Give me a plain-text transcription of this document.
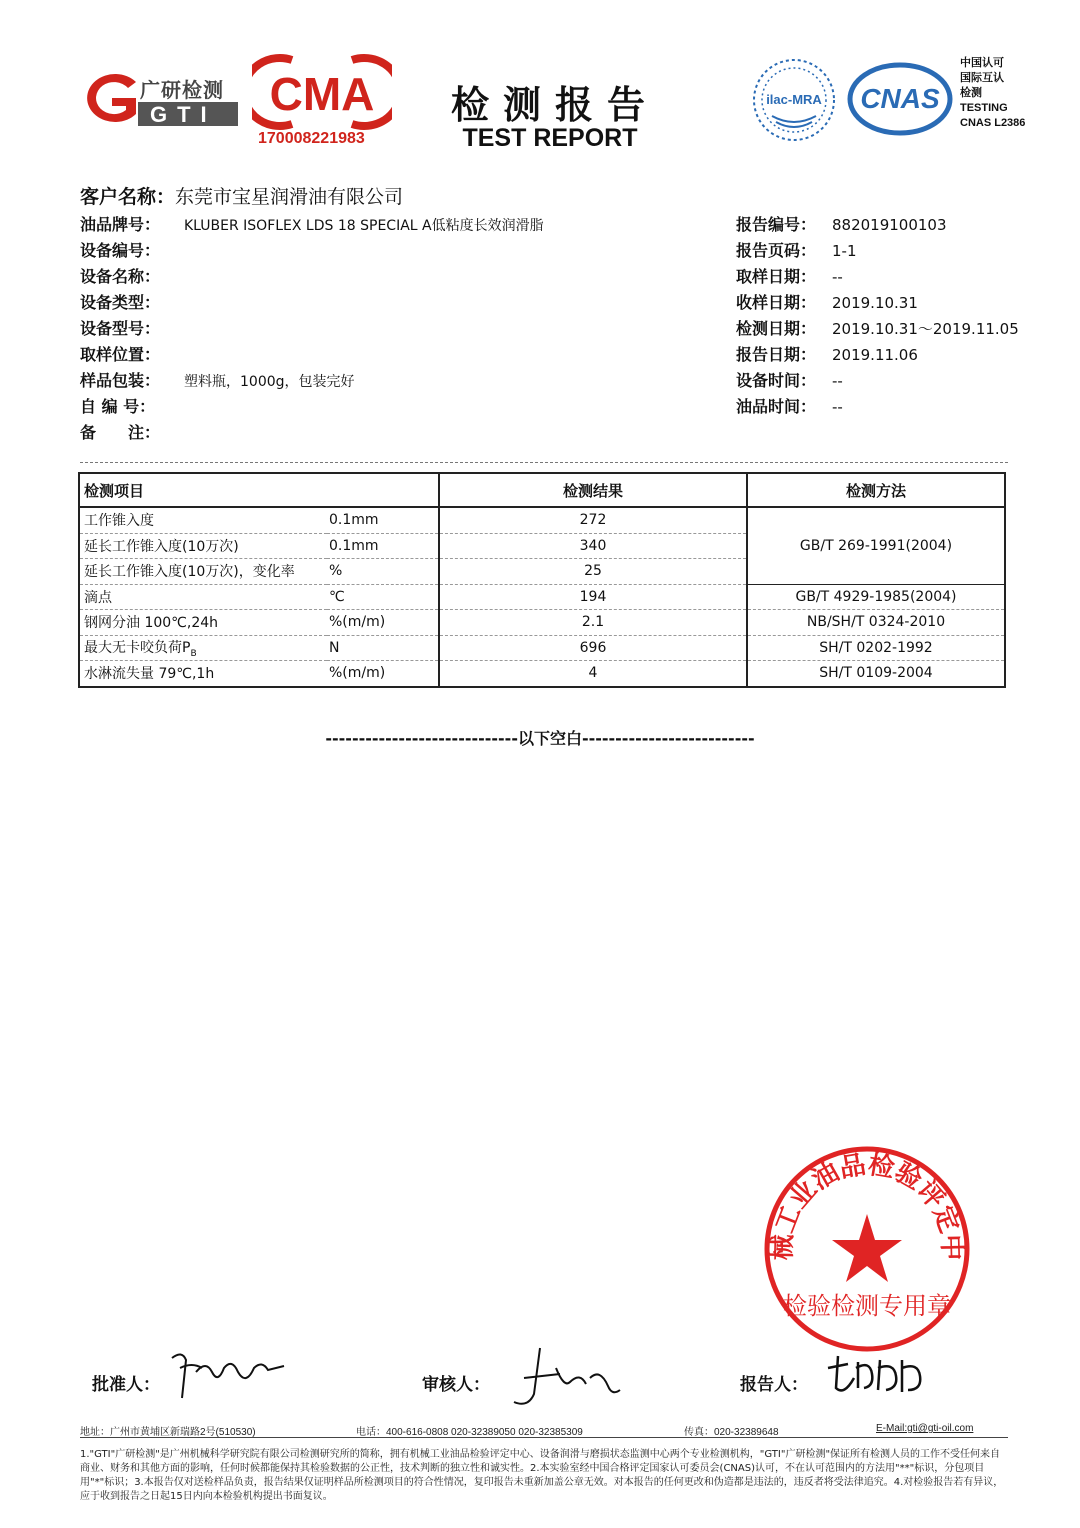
GTI
广研检测 CMA
170008221983
检测报告
TEST REPORT
ilac-MRA CNAS
中国认可
国际互认
检测
TESTING
CNAS L2386
客户名称：东莞市宝星润滑油有限公司
油品牌号： KLUBER ISOFLEX LDS 18 SPECIAL A低粘度长效润滑脂
设备编号：
设备名称：
设备类型：
设备型号：
取样位置：
样品包装： 塑料瓶，1000g，包装完好
自 编 号：
备　　注：
报告编号： 882019100103
报告页码： 1-1
取样日期： --
收样日期： 2019.10.31
检测日期： 2019.10.31～2019.11.05
报告日期： 2019.11.06
设备时间： --
油品时间： --
检测项目		检测结果	检测方法
工作锥入度	0.1mm	272	GB/T 269-1991(2004)
延长工作锥入度(10万次)	0.1mm	340	
延长工作锥入度(10万次)，变化率	%	25	
滴点	℃	194	GB/T 4929-1985(2004)
钢网分油 100℃,24h	%(m/m)	2.1	NB/SH/T 0324-2010
最大无卡咬负荷$P_B$	N	696	SH/T 0202-1992
水淋流失量 79℃,1h	%(m/m)	4	SH/T 0109-2004
-----------------------------以下空白--------------------------
械工业油品检验评定中
检验检测专用章
批准人：	审核人：	报告人：
地址：广州市黄埔区新瑞路2号(510530)	电话：400-616-0808 020-32389050 020-32385309	传真：020-32389648	E-Mail:gti@gti-oil.com
1."GTI"广研检测"是广州机械科学研究院有限公司检测研究所的简称，拥有机械工业油品检验评定中心、设备润滑与磨损状态监测中心两个专业检测机构，"GTI"广研检测"保证所有检测人员的工作不受任何来自商业、财务和其他方面的影响，任何时候都能保持其检验数据的公正性，技术判断的独立性和诚实性。2.本实验室经中国合格评定国家认可委员会(CNAS)认可，不在认可范围内的方法用"**"标识，分包项目用"*"标识；3.本报告仅对送检样品负责，报告结果仅证明样品所检测项目的符合性情况，复印报告未重新加盖公章无效。对本报告的任何更改和伪造都是违法的，违反者将受法律追究。4.对检验报告若有异议，应于收到报告之日起15日内向本检验机构提出书面复议。
